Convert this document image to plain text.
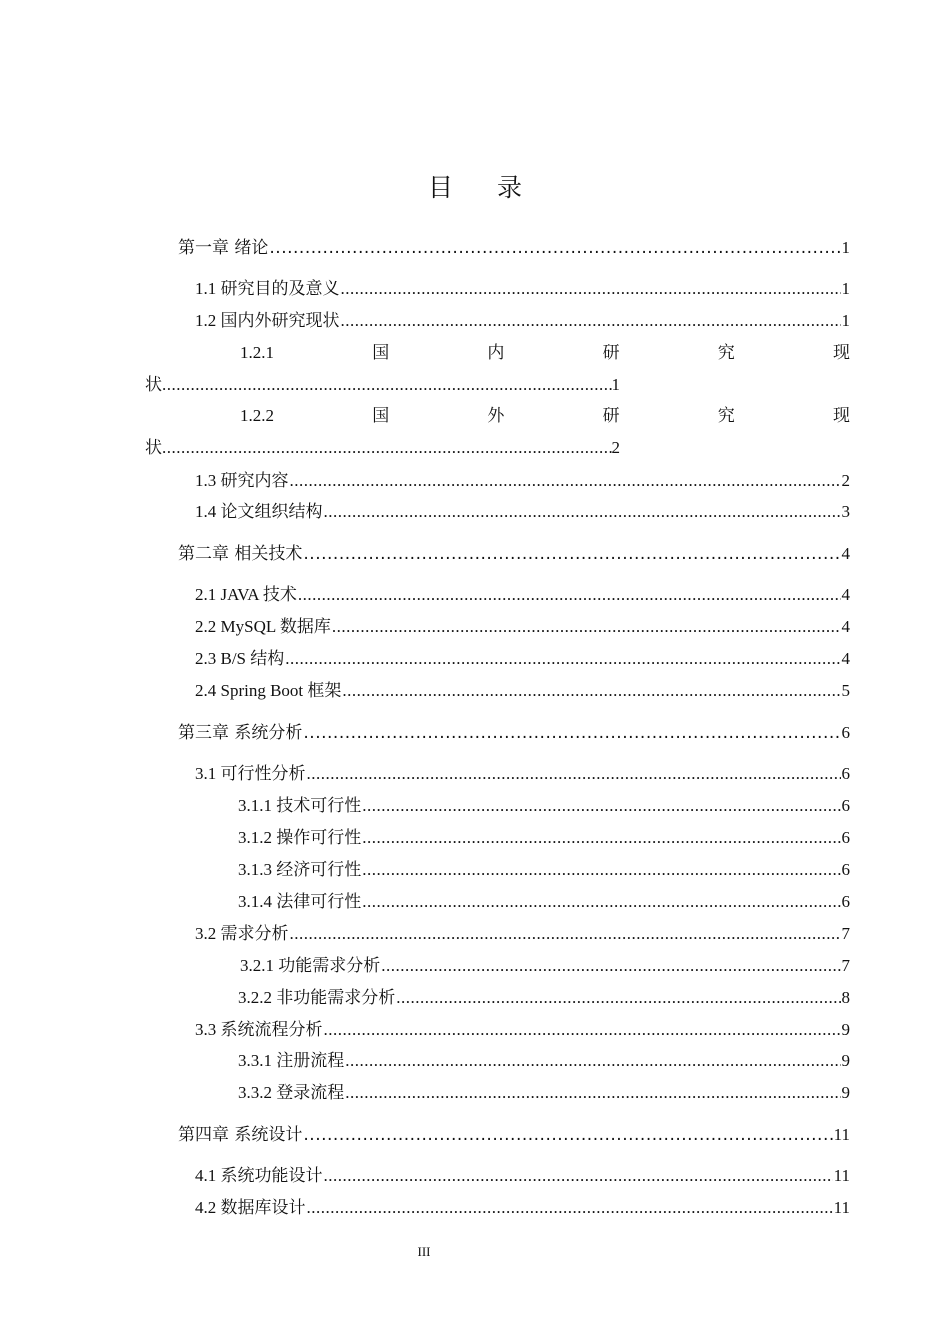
目 录
第一章 绪论 .....	1
1.1 研究目的及意义 .....	1
1.2 国内外研究现状 .....	1
1.2.1	国	内	研	究	现
状 .....	1
1.2.2	国	外	研	究	现
状 .....	2
1.3 研究内容 .....	2
1.4 论文组织结构 .....	3
第二章 相关技术 .....	4
2.1 JAVA 技术 .....	4
2.2 MySQL 数据库 .....	4
2.3 B/S 结构 .....	4
2.4 Spring Boot 框架 .....	5
第三章 系统分析 .....	6
3.1 可行性分析 .....	6
3.1.1 技术可行性 .....	6
3.1.2 操作可行性 .....	6
3.1.3 经济可行性 .....	6
3.1.4 法律可行性 .....	6
3.2 需求分析 .....	7
3.2.1 功能需求分析 .....	7
3.2.2 非功能需求分析 .....	8
3.3 系统流程分析 .....	9
3.3.1 注册流程 .....	9
3.3.2 登录流程 .....	9
第四章 系统设计 .....	11
4.1 系统功能设计 .....	11
4.2 数据库设计 .....	11
III
